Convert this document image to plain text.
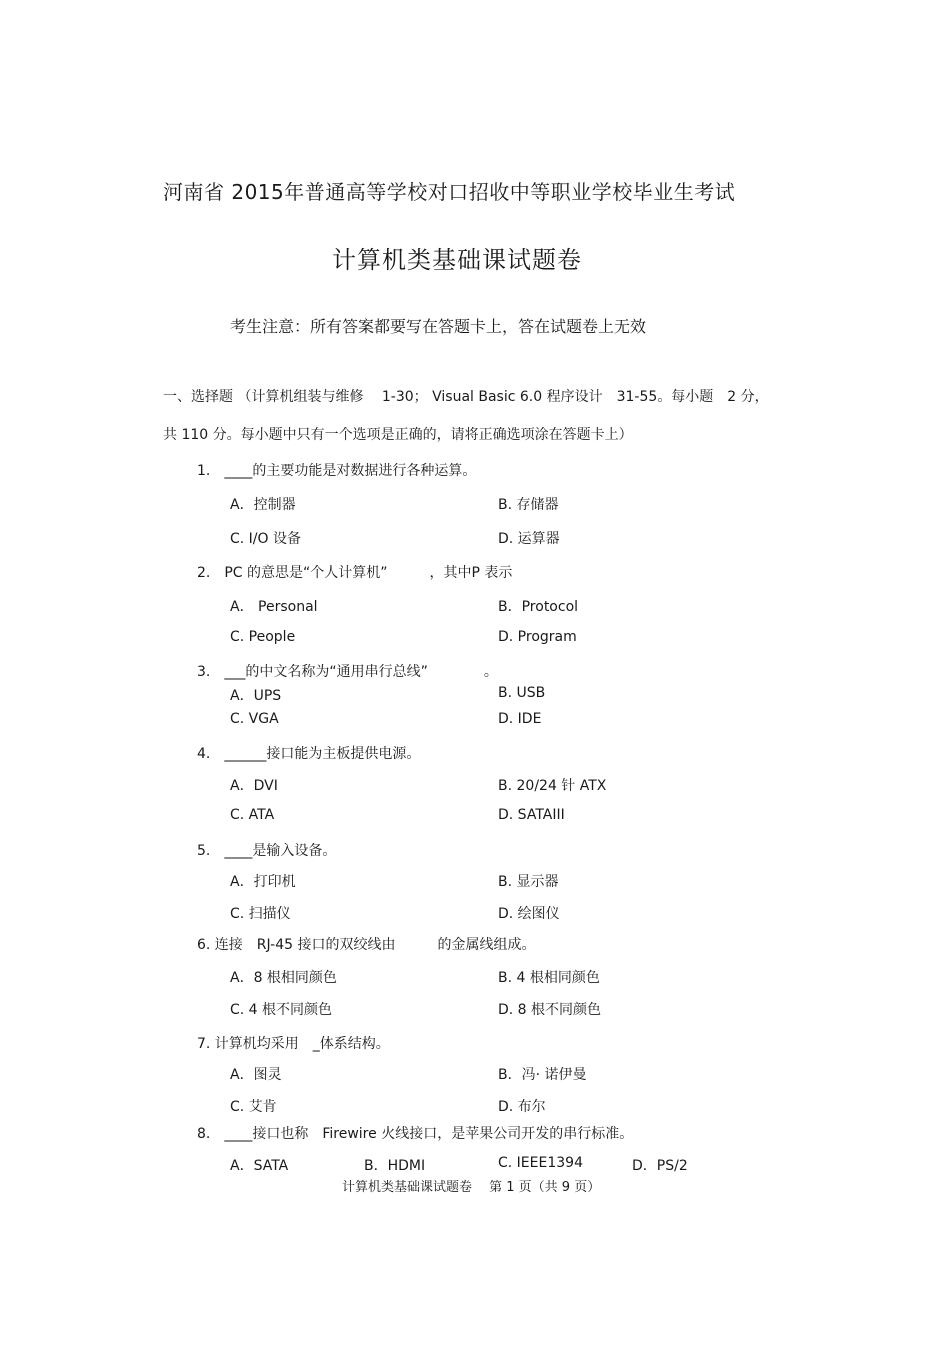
河南省 2015年普通高等学校对口招收中等职业学校毕业生考试
计算机类基础课试题卷
考生注意：所有答案都要写在答题卡上，答在试题卷上无效
一、选择题 （计算机组装与维修　 1-30； Visual Basic 6.0 程序设计　31-55。每小题　2 分，
共 110 分。每小题中只有一个选项是正确的，请将正确选项涂在答题卡上）
1.　____的主要功能是对数据进行各种运算。
A．控制器	B. 存储器
C. I/O 设备	D. 运算器
2.　PC 的意思是“个人计算机”　　　，其中P 表示
A． Personal	B．Protocol
C. People	D. Program
3.　___的中文名称为“通用串行总线”　　　　。
A．UPS	B. USB
C. VGA	D. IDE
4.　______接口能为主板提供电源。
A．DVI	B. 20/24 针 ATX
C. ATA	D. SATAIII
5.　____是输入设备。
A．打印机	B. 显示器
C. 扫描仪	D. 绘图仪
6. 连接　RJ-45 接口的双绞线由　　　的金属线组成。
A．8 根相同颜色	B. 4 根相同颜色
C. 4 根不同颜色	D. 8 根不同颜色
7. 计算机均采用　_体系结构。
A．图灵	B．冯· 诺伊曼
C. 艾肯	D. 布尔
8.　____接口也称　Firewire 火线接口，是苹果公司开发的串行标准。
A．SATA	B．HDMI	C. IEEE1394	D．PS/2
计算机类基础课试题卷　 第 1 页（共 9 页）
